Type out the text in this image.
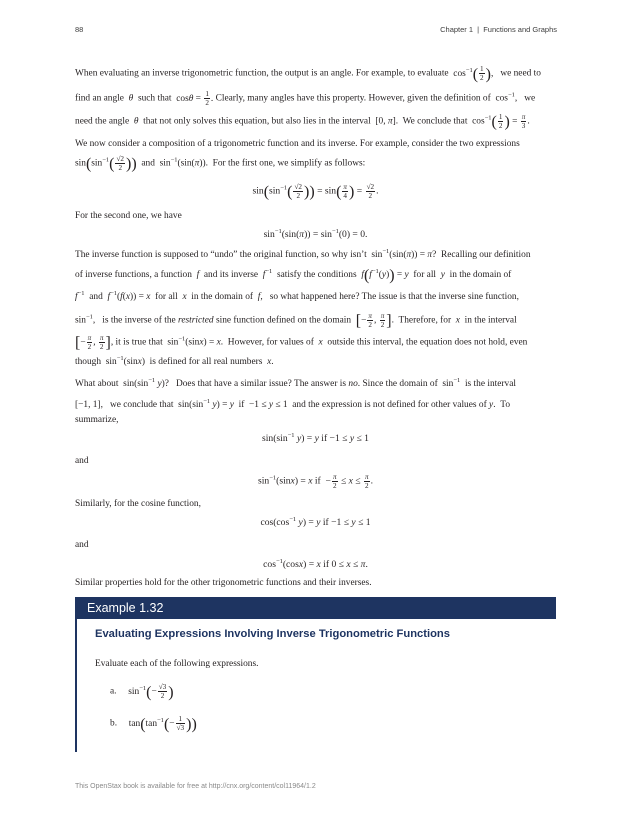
88	Chapter 1 | Functions and Graphs
When evaluating an inverse trigonometric function, the output is an angle. For example, to evaluate  $\cos^{-1}( \frac{1}{2}$ ), we need to
find an angle θ such that $\cos\theta = \frac{1}{2}$ . Clearly, many angles have this property. However, given the definition of  $\cos^{-1}$,   we
need the angle θ that not only solves this equation, but also lies in the interval  [0, π].  We conclude that  $\cos^{-1}( \frac{1}{2}$ ) = $\frac{\pi}{3}$ .
We now consider a composition of a trigonometric function and its inverse. For example, consider the two expressions
$\sin(\sin^{-1}( \frac{√2}{2}$ )) and  $\sin^{-1}(\sin(\pi))$.  For the first one, we simplify as follows:
$\sin(\sin^{-1}( \frac{√2}{2}$ )) = $\sin( \frac{\pi}{4}$ ) = $\frac{√2}{2}$ .
For the second one, we have
$\sin^{-1}(\sin(\pi)) = \sin^{-1}(0) = 0$.
The inverse function is supposed to “undo” the original function, so why isn’t  $\sin^{-1}(\sin(\pi)) = \pi$?  Recalling our definition
of inverse functions, a function f and its inverse $f^{-1}$ satisfy the conditions $f(f^{-1}(y)) = y$ for all y in the domain of
$f^{-1}$ and $f^{-1}(f(x)) = x$ for all x in the domain of f,   so what happened here? The issue is that the inverse sine function,
$\sin^{-1}$,   is the inverse of the restricted sine function defined on the domain [− $\frac{\pi}{2}$ , $\frac{\pi}{2}$ ].  Therefore, for x in the interval
[− $\frac{\pi}{2}$ , $\frac{\pi}{2}$ ], it is true that  $\sin^{-1}(\sin x) = x$.  However, for values of x outside this interval, the equation does not hold, even
though  $\sin^{-1}(\sin x)$  is defined for all real numbers x.
What about  $\sin(\sin^{-1}$ y)?   Does that have a similar issue? The answer is no. Since the domain of  $\sin^{-1}$ is the interval
[−1, 1],   we conclude that  $\sin(\sin^{-1}$ y) = y if  −1 ≤ y ≤ 1  and the expression is not defined for other values of y.  To
summarize,
$\sin(\sin^{-1}$ y) = y if −1 ≤ y ≤ 1
and
$\sin^{-1}(\sin x) = x$ if  − $\frac{\pi}{2} \le x \le \frac{\pi}{2}$ .
Similarly, for the cosine function,
$\cos(\cos^{-1}$ y) = y if −1 ≤ y ≤ 1
and
$\cos^{-1}(\cos x) = x$ if 0 ≤ x ≤ π.
Similar properties hold for the other trigonometric functions and their inverses.
Example 1.32
Evaluating Expressions Involving Inverse Trigonometric Functions
Evaluate each of the following expressions.
a. $\sin^{-1}(- \frac{√3}{2}$ )
b. $\tan(\tan^{-1}(- \frac{1}{√3}$ ))
This OpenStax book is available for free at http://cnx.org/content/col11964/1.2
